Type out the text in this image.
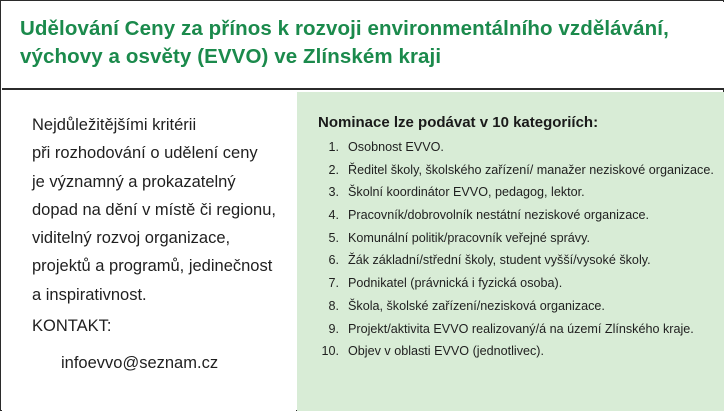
Udělování Ceny za přínos k rozvoji environmentálního vzdělávání,
výchovy a osvěty (EVVO) ve Zlínském kraji
Nejdůležitějšími kritérii
při rozhodování o udělení ceny
je významný a prokazatelný
dopad na dění v místě či regionu,
viditelný rozvoj organizace,
projektů a programů, jedinečnost
a inspirativnost.
KONTAKT:
infoevvo@seznam.cz
Nominace lze podávat v 10 kategoriích:
1. Osobnost EVVO.
2. Ředitel školy, školského zařízení/ manažer neziskové organizace.
3. Školní koordinátor EVVO, pedagog, lektor.
4. Pracovník/dobrovolník nestátní neziskové organizace.
5. Komunální politik/pracovník veřejné správy.
6. Žák základní/střední školy, student vyšší/vysoké školy.
7. Podnikatel (právnická i fyzická osoba).
8. Škola, školské zařízení/nezisková organizace.
9. Projekt/aktivita EVVO realizovaný/á na území Zlínského kraje.
10. Objev v oblasti EVVO (jednotlivec).
